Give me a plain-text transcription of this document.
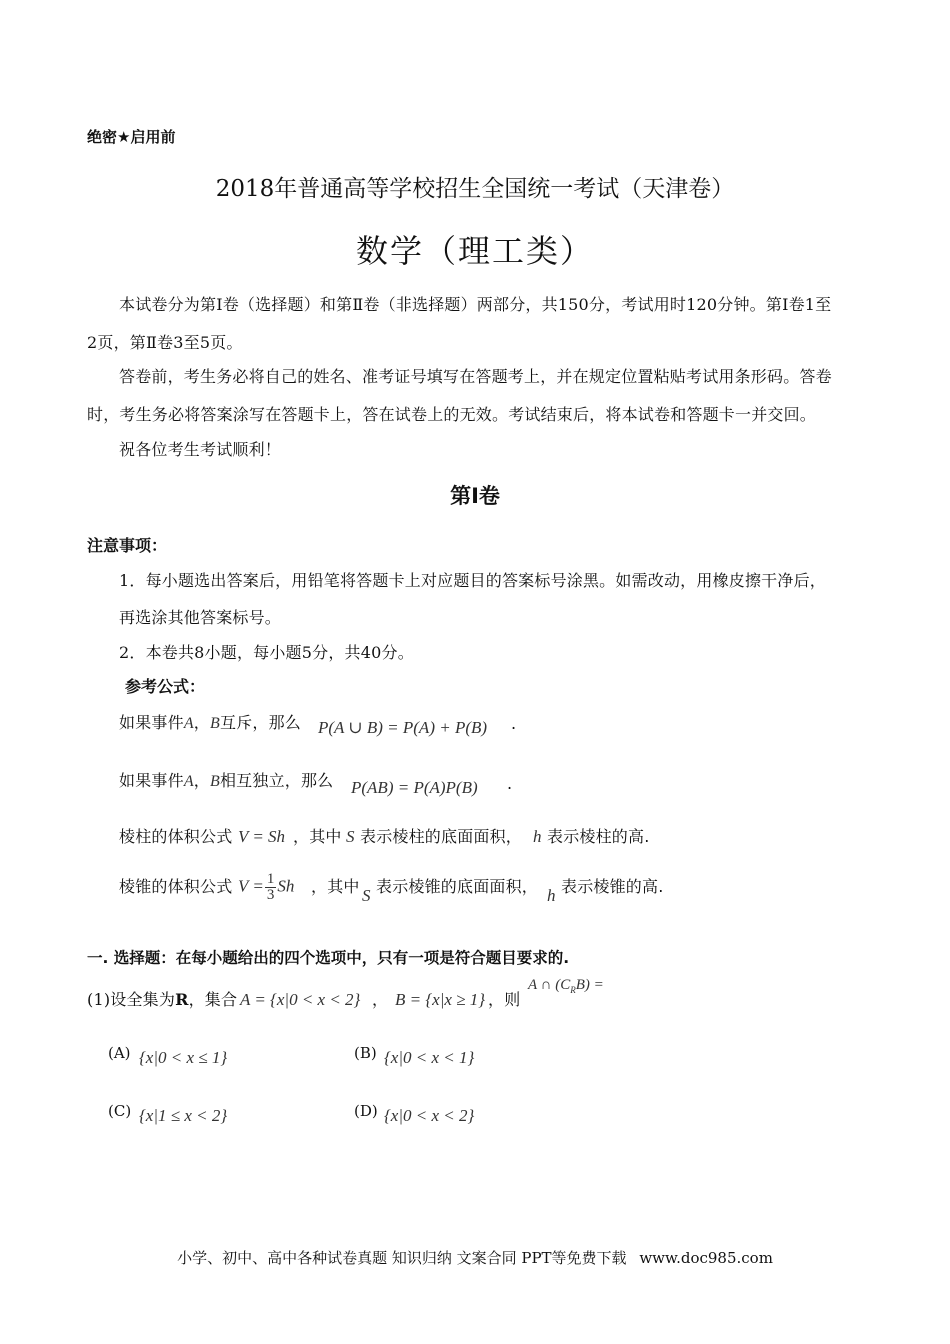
绝密★启用前
2018年普通高等学校招生全国统一考试（天津卷）
数学（理工类）
本试卷分为第Ⅰ卷（选择题）和第Ⅱ卷（非选择题）两部分，共150分，考试用时120分钟。第Ⅰ卷1至
2页，第Ⅱ卷3至5页。
答卷前，考生务必将自己的姓名、准考证号填写在答题考上，并在规定位置粘贴考试用条形码。答卷
时，考生务必将答案涂写在答题卡上，答在试卷上的无效。考试结束后，将本试卷和答题卡一并交回。
祝各位考生考试顺利！
第Ⅰ卷
注意事项：
1．每小题选出答案后，用铅笔将答题卡上对应题目的答案标号涂黑。如需改动，用橡皮擦干净后，
再选涂其他答案标号。
2．本卷共8小题，每小题5分，共40分。
参考公式：
如果事件A，B互斥，那么 P(A ∪ B) = P(A) + P(B) .
如果事件A，B相互独立，那么 P(AB) = P(A)P(B) .
棱柱的体积公式 V = Sh ，其中 S 表示棱柱的底面面积， h 表示棱柱的高.
棱锥的体积公式 $V = \frac{1}{3}$ Sh ，其中 S 表示棱锥的底面面积， h 表示棱锥的高.
一. 选择题：在每小题给出的四个选项中，只有一项是符合题目要求的.
(1)设全集为R，集合 A = {x|0 < x < 2} ， B = {x|x ≥ 1} ，则
A ∩ $(C_RB)$ =
(A) {x|0 < x ≤ 1}	(B) {x|0 < x < 1}
(C) {x|1 ≤ x < 2}	(D) {x|0 < x < 2}
小学、初中、高中各种试卷真题 知识归纳 文案合同 PPT等免费下载 www.doc985.com
